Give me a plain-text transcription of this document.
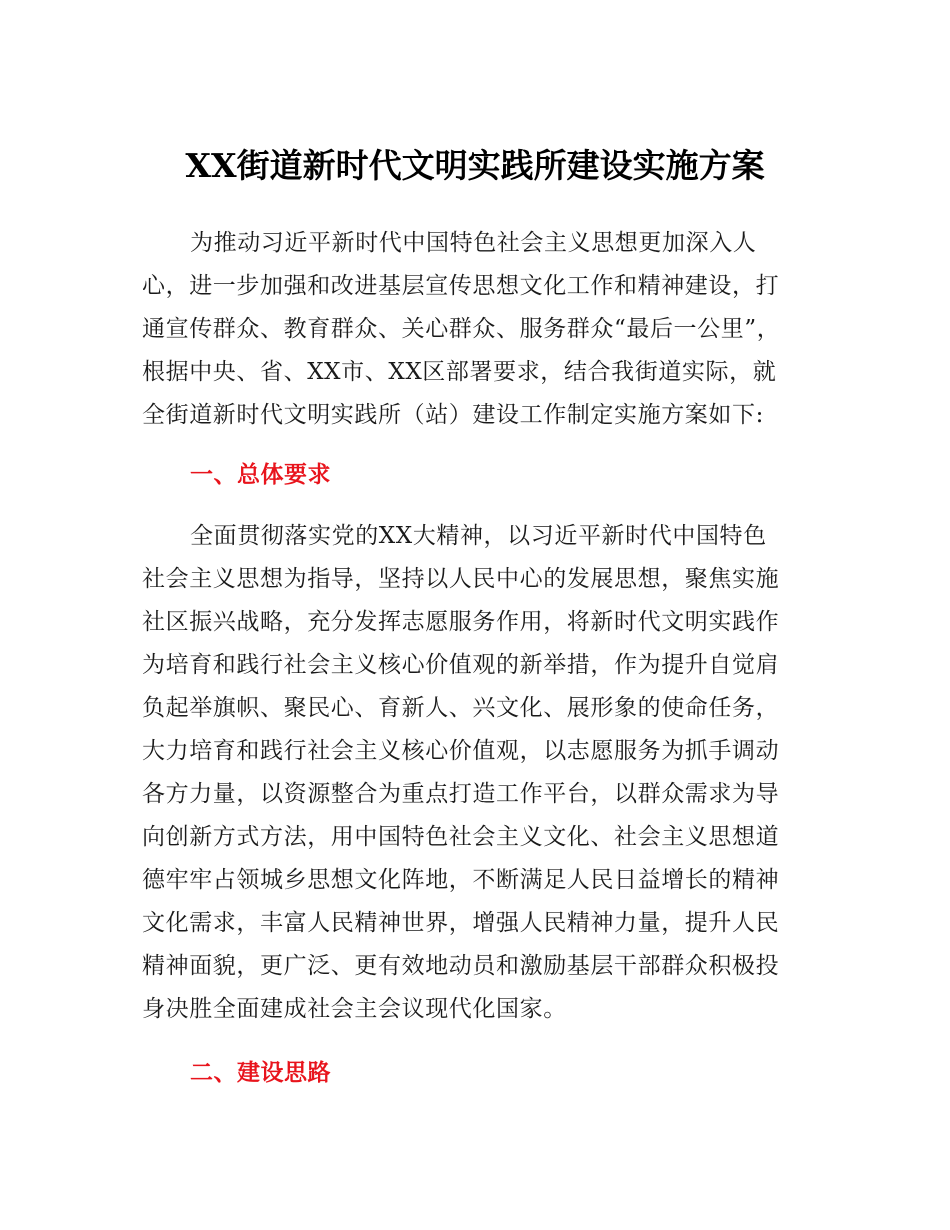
XX街道新时代文明实践所建设实施方案

为推动习近平新时代中国特色社会主义思想更加深入人

心，进一步加强和改进基层宣传思想文化工作和精神建设，打

通宣传群众、教育群众、关心群众、服务群众“最后一公里”，

根据中央、省、XX市、XX区部署要求，结合我街道实际，就

全街道新时代文明实践所（站）建设工作制定实施方案如下:

一、总体要求

全面贯彻落实党的XX大精神，以习近平新时代中国特色

社会主义思想为指导，坚持以人民中心的发展思想，聚焦实施

社区振兴战略，充分发挥志愿服务作用，将新时代文明实践作

为培育和践行社会主义核心价值观的新举措，作为提升自觉肩

负起举旗帜、聚民心、育新人、兴文化、展形象的使命任务，

大力培育和践行社会主义核心价值观，以志愿服务为抓手调动

各方力量，以资源整合为重点打造工作平台，以群众需求为导

向创新方式方法，用中国特色社会主义文化、社会主义思想道

德牢牢占领城乡思想文化阵地，不断满足人民日益增长的精神

文化需求，丰富人民精神世界，增强人民精神力量，提升人民

精神面貌，更广泛、更有效地动员和激励基层干部群众积极投

身决胜全面建成社会主会议现代化国家。

二、建设思路
